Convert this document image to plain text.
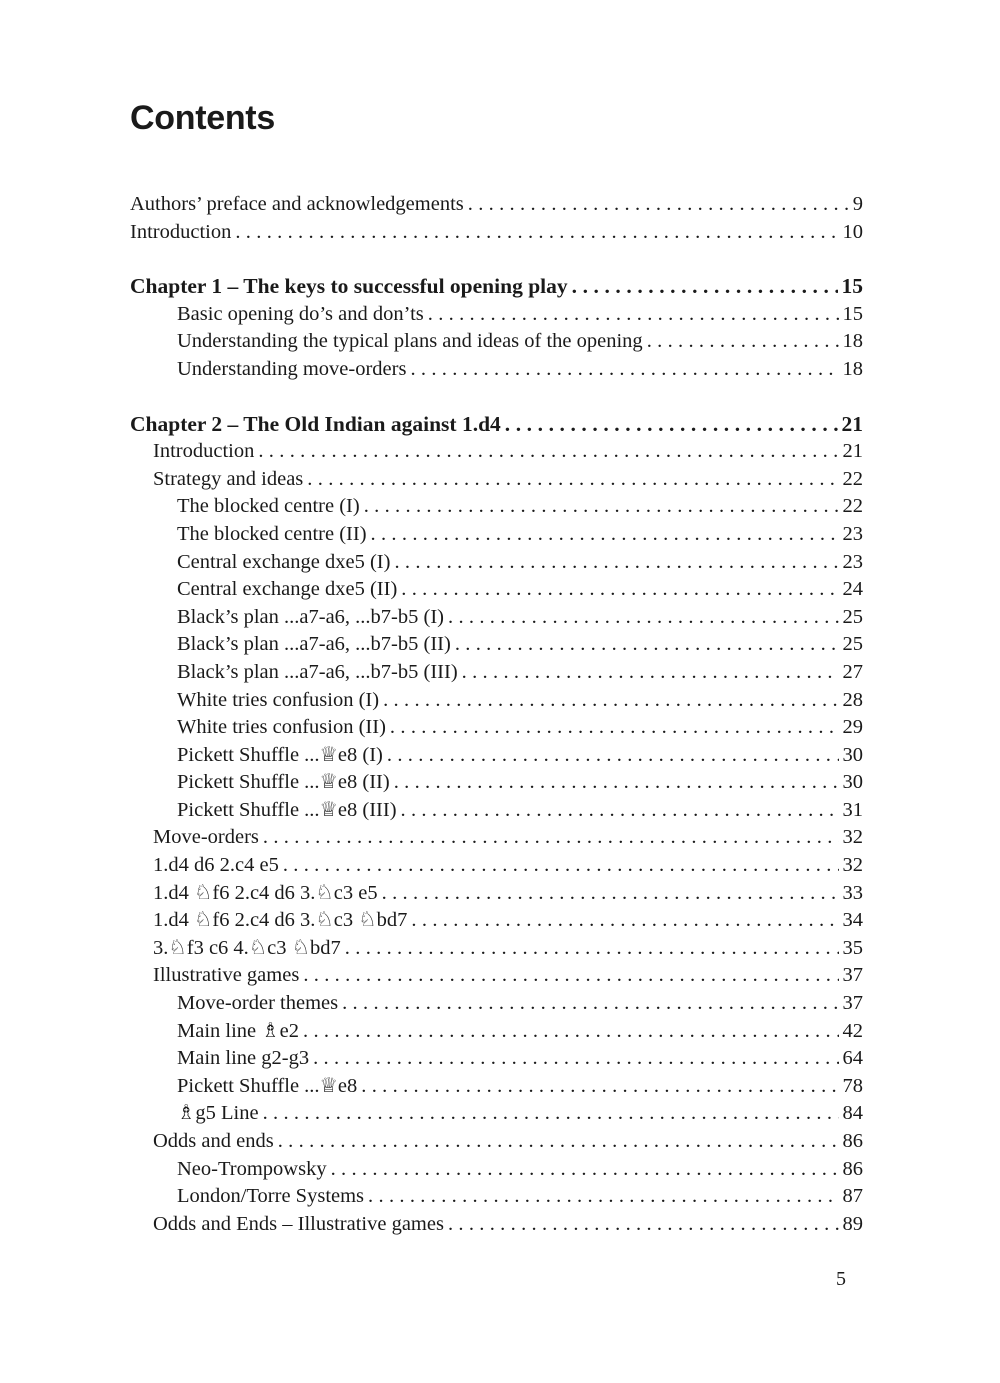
Contents
Authors’ preface and acknowledgements . . .	9
Introduction . . .	10
Chapter 1 – The keys to successful opening play . . .	15
Basic opening do’s and don’ts . . .	15
Understanding the typical plans and ideas of the opening . . .	18
Understanding move-orders . . .	18
Chapter 2 – The Old Indian against 1.d4 . . .	21
Introduction . . .	21
Strategy and ideas . . .	22
The blocked centre (I) . . .	22
The blocked centre (II) . . .	23
Central exchange dxe5 (I) . . .	23
Central exchange dxe5 (II) . . .	24
Black’s plan ...a7-a6, ...b7-b5 (I) . . .	25
Black’s plan ...a7-a6, ...b7-b5 (II) . . .	25
Black’s plan ...a7-a6, ...b7-b5 (III) . . .	27
White tries confusion (I) . . .	28
White tries confusion (II) . . .	29
Pickett Shuffle ...♕e8 (I) . . .	30
Pickett Shuffle ...♕e8 (II) . . .	30
Pickett Shuffle ...♕e8 (III) . . .	31
Move-orders . . .	32
1.d4 d6 2.c4 e5 . . .	32
1.d4 ♘f6 2.c4 d6 3.♘c3 e5 . . .	33
1.d4 ♘f6 2.c4 d6 3.♘c3 ♘bd7 . . .	34
3.♘f3 c6 4.♘c3 ♘bd7 . . .	35
Illustrative games . . .	37
Move-order themes . . .	37
Main line ♗e2 . . .	42
Main line g2-g3 . . .	64
Pickett Shuffle ...♕e8 . . .	78
♗g5 Line . . .	84
Odds and ends . . .	86
Neo-Trompowsky . . .	86
London/Torre Systems . . .	87
Odds and Ends – Illustrative games . . .	89
5
